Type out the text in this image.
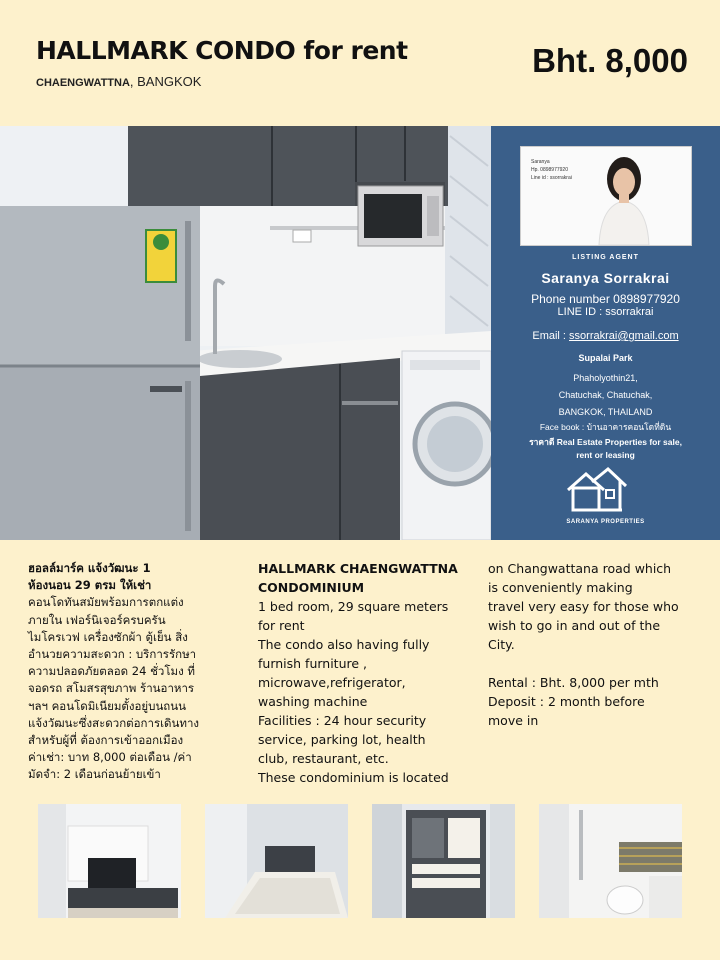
HALLMARK CONDO for rent
CHAENGWATTNA, BANGKOK
Bht. 8,000
Saranya
Hp. 0898977920
Line id : ssorrakrai
LISTING AGENT
Saranya Sorrakrai
Phone number 0898977920
LINE ID : ssorrakrai
Email : ssorrakrai@gmail.com
Supalai Park
Phaholyothin21,
Chatuchak, Chatuchak,
BANGKOK, THAILAND
Face book : บ้านอาคารคอนโดที่ดิน
ราคาดี Real Estate Properties for sale,
rent or leasing
SARANYA PROPERTIES
ฮอลล์มาร์ค แจ้งวัฒนะ 1
ห้องนอน 29 ตรม ให้เช่า
คอนโดทันสมัยพร้อมการตกแต่ง
ภายใน เฟอร์นิเจอร์ครบครัน
ไมโครเวฟ เครื่องซักผ้า ตู้เย็น สิ่ง
อำนวยความสะดวก : บริการรักษา
ความปลอดภัยตลอด 24 ชั่วโมง ที่
จอดรถ สโมสรสุขภาพ ร้านอาหาร
ฯลฯ คอนโดมิเนียมตั้งอยู่บนถนน
แจ้งวัฒนะซึ่งสะดวกต่อการเดินทาง
สำหรับผู้ที่ ต้องการเข้าออกเมือง
ค่าเช่า: บาท 8,000 ต่อเดือน /ค่า
มัดจำ: 2 เดือนก่อนย้ายเข้า
HALLMARK CHAENGWATTNA
CONDOMINIUM
1 bed room, 29 square meters
for rent
The condo also having fully
furnish furniture ,
microwave,refrigerator,
washing machine
Facilities : 24 hour security
service, parking lot, health
club, restaurant, etc.
These condominium is located
on Changwattana road which
is conveniently making
travel very easy for those who
wish to go in and out of the
City.
Rental : Bht. 8,000 per mth
Deposit : 2 month before
move in
